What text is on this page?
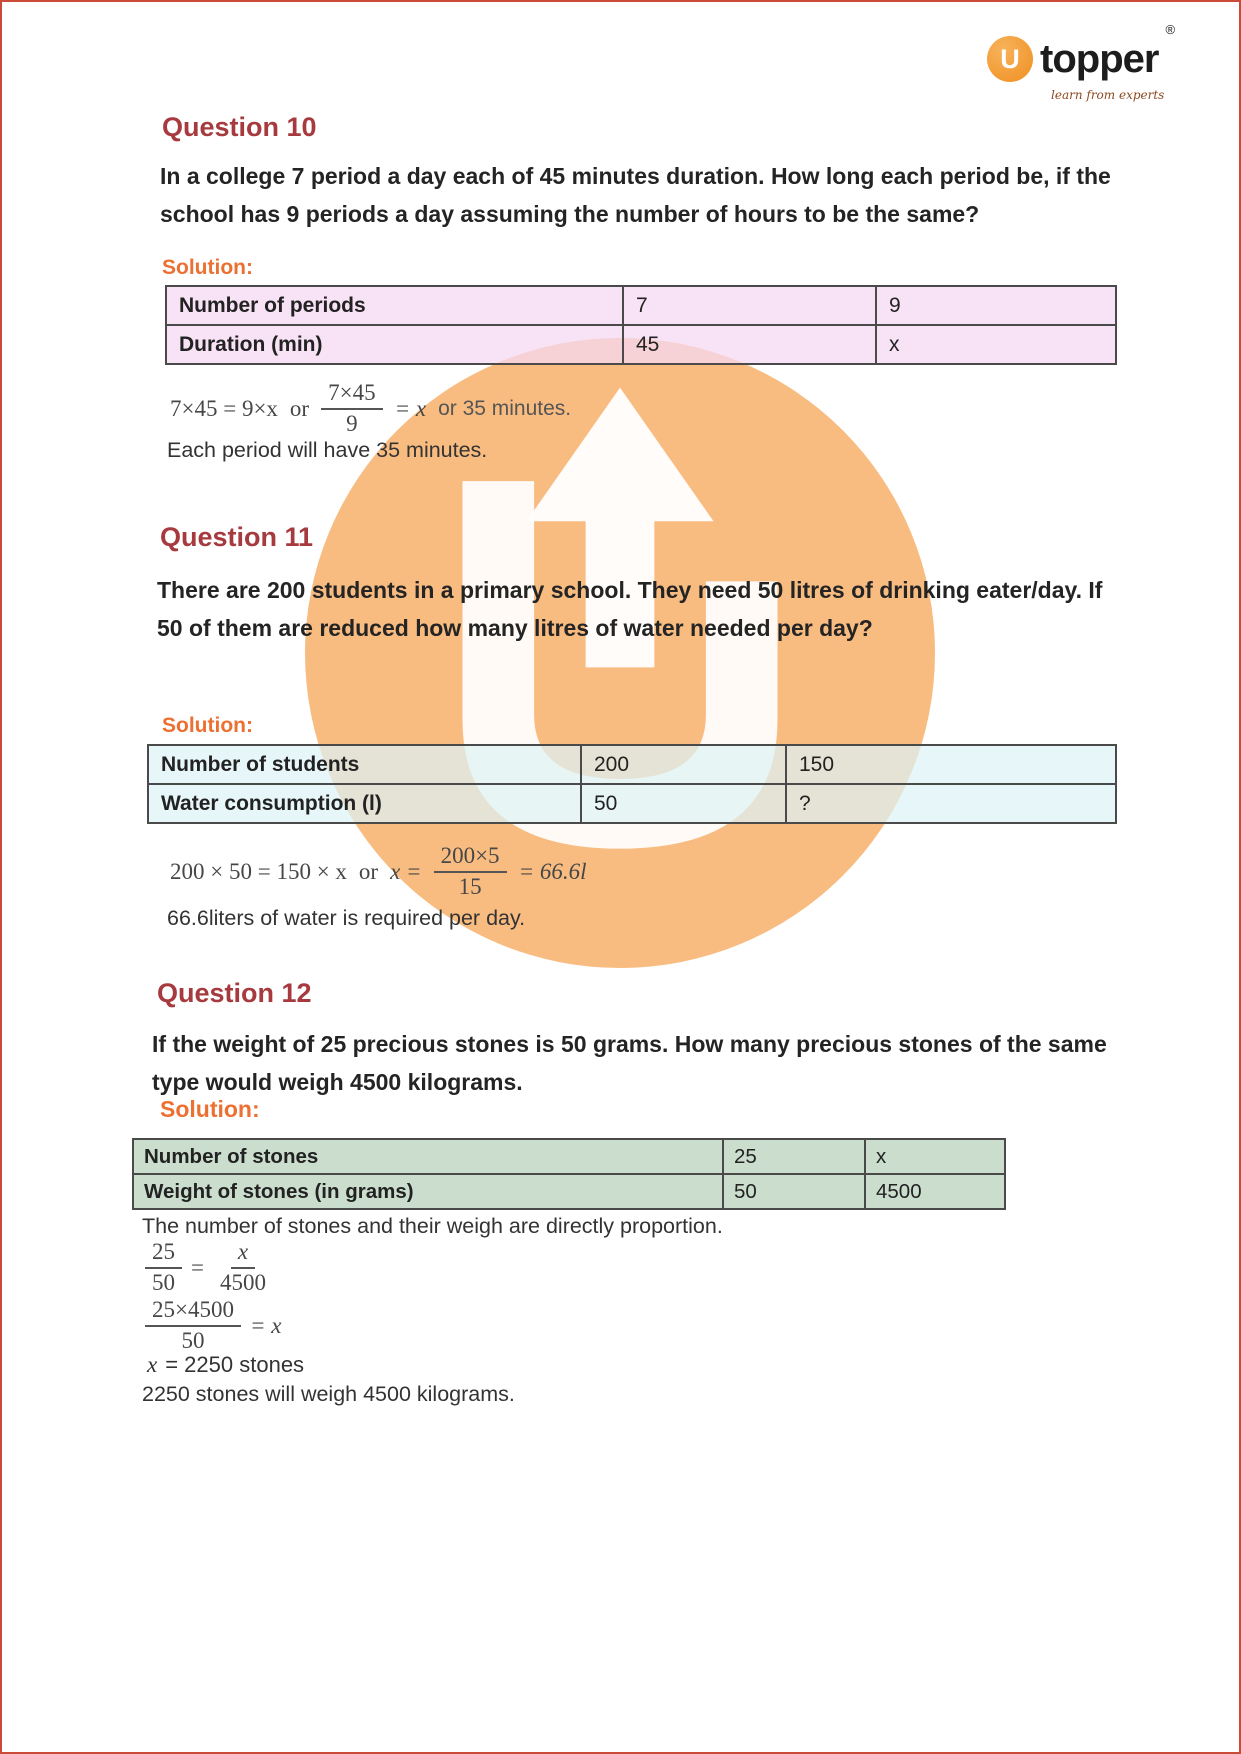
U topper
®
learn from experts
Question 10
In a college 7 period a day each of 45 minutes duration. How long each period be, if the school has 9 periods a day assuming the number of hours to be the same?
Solution:
Number of periods	7	9
Duration (min)	45	x
7×45 = 9×x or $\frac{7\times 45}{9} = x$ or 35 minutes.
Each period will have 35 minutes.
Question 11
There are 200 students in a primary school. They need 50 litres of drinking eater/day. If 50 of them are reduced how many litres of water needed per day?
Solution:
Number of students	200	150
Water consumption (l)	50	?
200 × 50 = 150 × x or $x = \frac{200\times 5}{15} = 66.6l$
66.6liters of water is required per day.
Question 12
If the weight of 25 precious stones is 50 grams. How many precious stones of the same type would weigh 4500 kilograms.
Solution:
Number of stones	25	x
Weight of stones (in grams)	50	4500
The number of stones and their weigh are directly proportion.
$\frac{25}{50} = \frac{x}{4500}$
$\frac{25\times 4500}{50} = x$
x = 2250 stones
2250 stones will weigh 4500 kilograms.
